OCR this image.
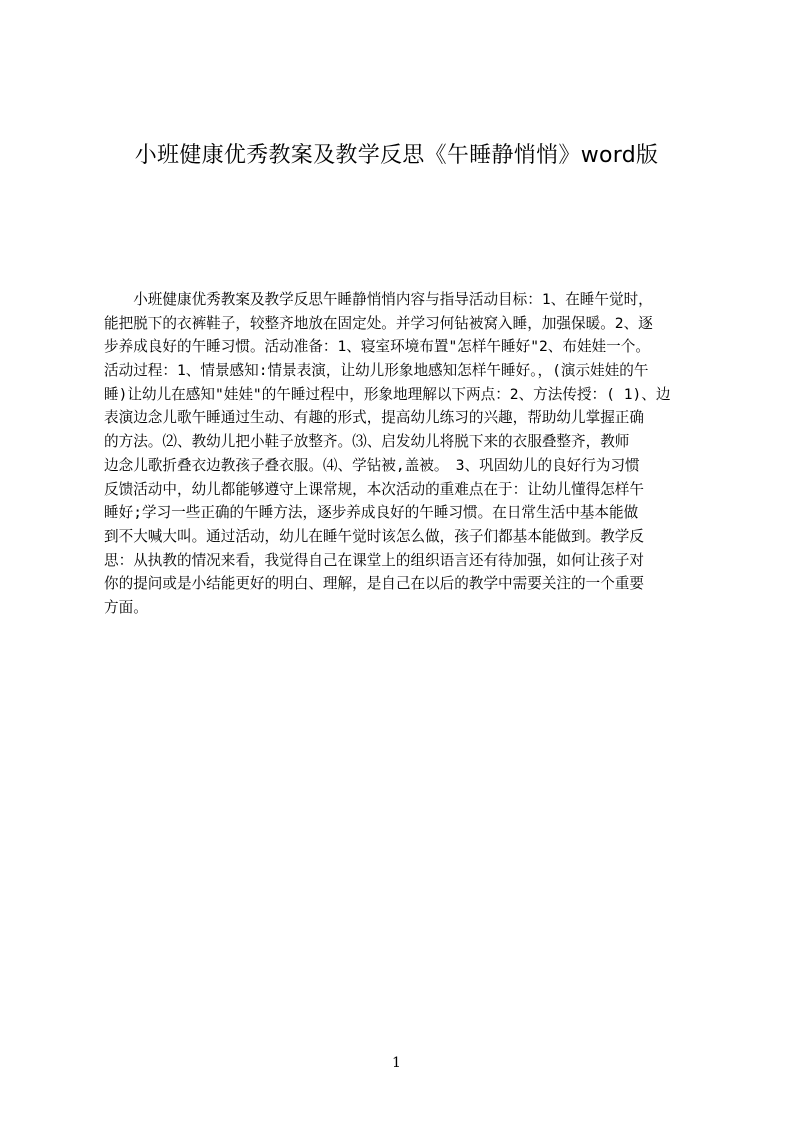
小班健康优秀教案及教学反思《午睡静悄悄》word版
　　小班健康优秀教案及教学反思午睡静悄悄内容与指导活动目标：1、在睡午觉时，
能把脱下的衣裤鞋子，较整齐地放在固定处。并学习何钻被窝入睡，加强保暖。2、逐
步养成良好的午睡习惯。活动准备：1、寝室环境布置"怎样午睡好"2、布娃娃一个。
活动过程：1、情景感知:情景表演，让幼儿形象地感知怎样午睡好。，(演示娃娃的午
睡)让幼儿在感知"娃娃"的午睡过程中，形象地理解以下两点：2、方法传授：( 1)、边
表演边念儿歌午睡通过生动、有趣的形式，提高幼儿练习的兴趣，帮助幼儿掌握正确
的方法。⑵、教幼儿把小鞋子放整齐。⑶、启发幼儿将脱下来的衣服叠整齐，教师
边念儿歌折叠衣边教孩子叠衣服。⑷、学钻被,盖被。　3、巩固幼儿的良好行为习惯
反馈活动中，幼儿都能够遵守上课常规，本次活动的重难点在于：让幼儿懂得怎样午
睡好;学习一些正确的午睡方法，逐步养成良好的午睡习惯。在日常生活中基本能做
到不大喊大叫。通过活动，幼儿在睡午觉时该怎么做，孩子们都基本能做到。教学反
思：从执教的情况来看，我觉得自己在课堂上的组织语言还有待加强，如何让孩子对
你的提问或是小结能更好的明白、理解，是自己在以后的教学中需要关注的一个重要
方面。
1
